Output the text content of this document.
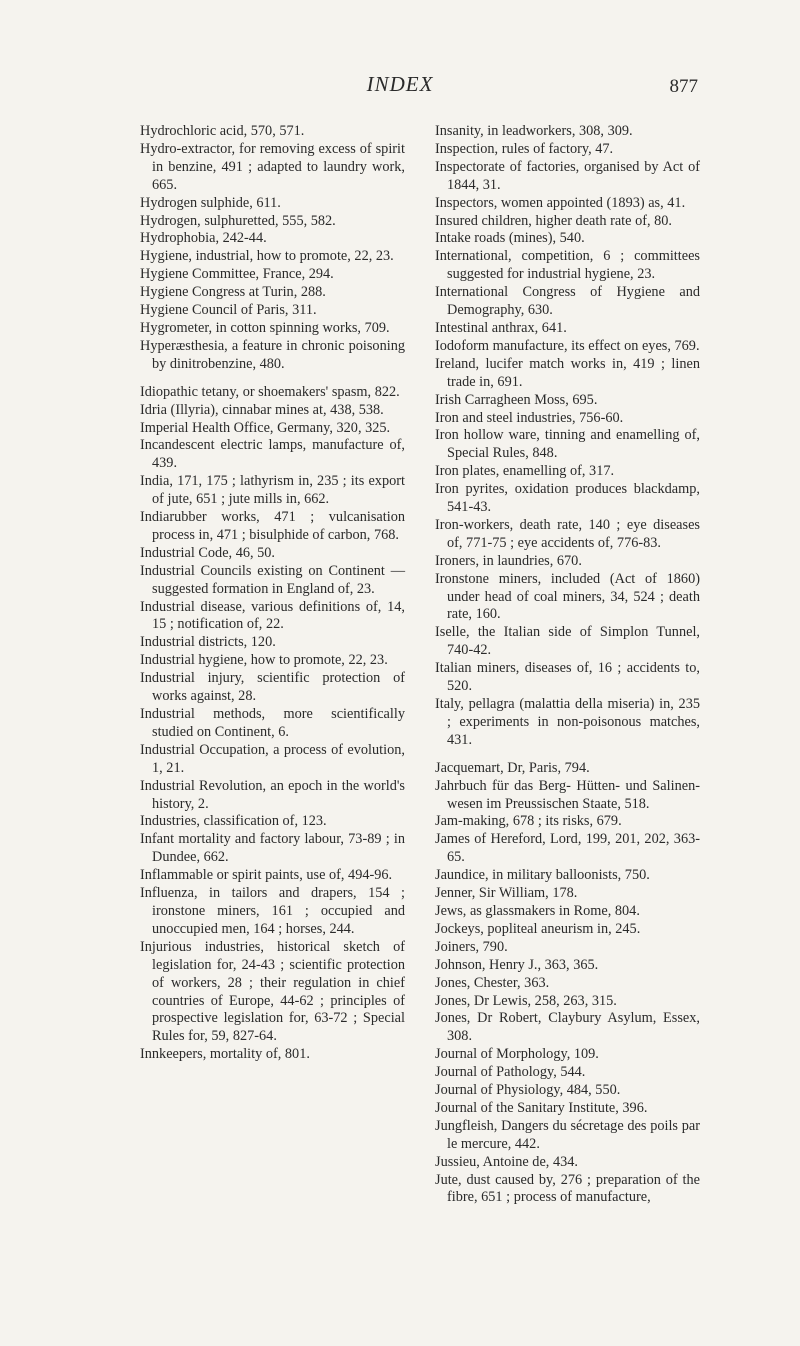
INDEX	877
Hydrochloric acid, 570, 571.
Hydro-extractor, for removing excess of spirit in benzine, 491 ; adapted to laundry work, 665.
Hydrogen sulphide, 611.
Hydrogen, sulphuretted, 555, 582.
Hydrophobia, 242-44.
Hygiene, industrial, how to promote, 22, 23.
Hygiene Committee, France, 294.
Hygiene Congress at Turin, 288.
Hygiene Council of Paris, 311.
Hygrometer, in cotton spinning works, 709.
Hyperæsthesia, a feature in chronic poisoning by dinitrobenzine, 480.
Idiopathic tetany, or shoemakers' spasm, 822.
Idria (Illyria), cinnabar mines at, 438, 538.
Imperial Health Office, Germany, 320, 325.
Incandescent electric lamps, manufacture of, 439.
India, 171, 175 ; lathyrism in, 235 ; its export of jute, 651 ; jute mills in, 662.
Indiarubber works, 471 ; vulcanisation process in, 471 ; bisulphide of carbon, 768.
Industrial Code, 46, 50.
Industrial Councils existing on Continent —suggested formation in England of, 23.
Industrial disease, various definitions of, 14, 15 ; notification of, 22.
Industrial districts, 120.
Industrial hygiene, how to promote, 22, 23.
Industrial injury, scientific protection of works against, 28.
Industrial methods, more scientifically studied on Continent, 6.
Industrial Occupation, a process of evolution, 1, 21.
Industrial Revolution, an epoch in the world's history, 2.
Industries, classification of, 123.
Infant mortality and factory labour, 73-89 ; in Dundee, 662.
Inflammable or spirit paints, use of, 494-96.
Influenza, in tailors and drapers, 154 ; ironstone miners, 161 ; occupied and unoccupied men, 164 ; horses, 244.
Injurious industries, historical sketch of legislation for, 24-43 ; scientific protection of workers, 28 ; their regulation in chief countries of Europe, 44-62 ; principles of prospective legislation for, 63-72 ; Special Rules for, 59, 827-64.
Innkeepers, mortality of, 801.
Insanity, in leadworkers, 308, 309.
Inspection, rules of factory, 47.
Inspectorate of factories, organised by Act of 1844, 31.
Inspectors, women appointed (1893) as, 41.
Insured children, higher death rate of, 80.
Intake roads (mines), 540.
International, competition, 6 ; committees suggested for industrial hygiene, 23.
International Congress of Hygiene and Demography, 630.
Intestinal anthrax, 641.
Iodoform manufacture, its effect on eyes, 769.
Ireland, lucifer match works in, 419 ; linen trade in, 691.
Irish Carragheen Moss, 695.
Iron and steel industries, 756-60.
Iron hollow ware, tinning and enamelling of, Special Rules, 848.
Iron plates, enamelling of, 317.
Iron pyrites, oxidation produces blackdamp, 541-43.
Iron-workers, death rate, 140 ; eye diseases of, 771-75 ; eye accidents of, 776-83.
Ironers, in laundries, 670.
Ironstone miners, included (Act of 1860) under head of coal miners, 34, 524 ; death rate, 160.
Iselle, the Italian side of Simplon Tunnel, 740-42.
Italian miners, diseases of, 16 ; accidents to, 520.
Italy, pellagra (malattia della miseria) in, 235 ; experiments in non-poisonous matches, 431.
Jacquemart, Dr, Paris, 794.
Jahrbuch für das Berg- Hütten- und Salinen-wesen im Preussischen Staate, 518.
Jam-making, 678 ; its risks, 679.
James of Hereford, Lord, 199, 201, 202, 363-65.
Jaundice, in military balloonists, 750.
Jenner, Sir William, 178.
Jews, as glassmakers in Rome, 804.
Jockeys, popliteal aneurism in, 245.
Joiners, 790.
Johnson, Henry J., 363, 365.
Jones, Chester, 363.
Jones, Dr Lewis, 258, 263, 315.
Jones, Dr Robert, Claybury Asylum, Essex, 308.
Journal of Morphology, 109.
Journal of Pathology, 544.
Journal of Physiology, 484, 550.
Journal of the Sanitary Institute, 396.
Jungfleish, Dangers du sécretage des poils par le mercure, 442.
Jussieu, Antoine de, 434.
Jute, dust caused by, 276 ; preparation of the fibre, 651 ; process of manufacture,
